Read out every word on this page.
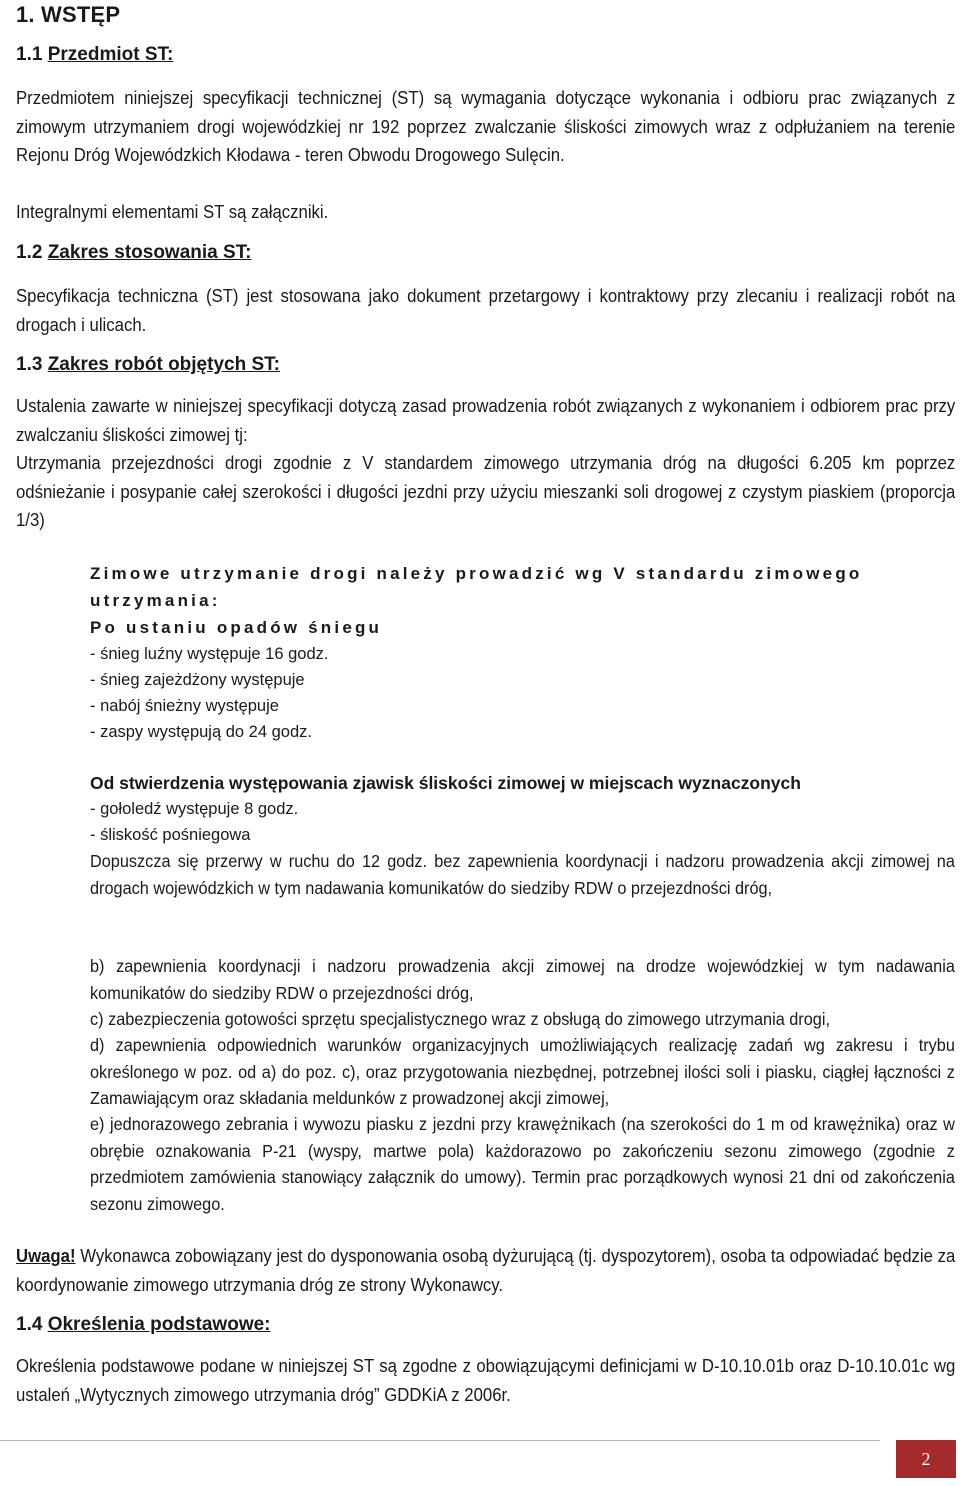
1. WSTĘP
1.1 Przedmiot ST:
Przedmiotem niniejszej specyfikacji technicznej (ST) są wymagania dotyczące wykonania i odbioru prac związanych z zimowym utrzymaniem drogi wojewódzkiej nr 192 poprzez zwalczanie śliskości zimowych wraz z odpłużaniem na terenie Rejonu Dróg Wojewódzkich Kłodawa - teren Obwodu Drogowego Sulęcin.
Integralnymi elementami ST są załączniki.
1.2 Zakres stosowania ST:
Specyfikacja techniczna (ST) jest stosowana jako dokument przetargowy i kontraktowy przy zlecaniu i realizacji robót na drogach i ulicach.
1.3 Zakres robót objętych ST:
Ustalenia zawarte w niniejszej specyfikacji dotyczą zasad prowadzenia robót związanych z wykonaniem i odbiorem prac przy zwalczaniu śliskości zimowej tj:
Utrzymania przejezdności drogi zgodnie z V standardem zimowego utrzymania dróg na długości 6.205 km poprzez odśnieżanie i posypanie całej szerokości i długości jezdni przy użyciu mieszanki soli drogowej z czystym piaskiem (proporcja 1/3)
Zimowe utrzymanie drogi należy prowadzić wg V standardu zimowego
utrzymania:
Po ustaniu opadów śniegu
- śnieg luźny występuje 16 godz.
- śnieg zajeżdżony występuje
- nabój śnieżny występuje
- zaspy występują do 24 godz.
Od stwierdzenia występowania zjawisk śliskości zimowej w miejscach wyznaczonych
- gołoledź występuje 8 godz.
- śliskość pośniegowa
Dopuszcza się przerwy w ruchu do 12 godz. bez zapewnienia koordynacji i nadzoru prowadzenia akcji zimowej na drogach wojewódzkich w tym nadawania komunikatów do siedziby RDW o przejezdności dróg,
b) zapewnienia koordynacji i nadzoru prowadzenia akcji zimowej na drodze wojewódzkiej w tym nadawania komunikatów do siedziby RDW o przejezdności dróg,
c) zabezpieczenia gotowości sprzętu specjalistycznego wraz z obsługą do zimowego utrzymania drogi,
d) zapewnienia odpowiednich warunków organizacyjnych umożliwiających realizację zadań wg zakresu i trybu określonego w poz. od a) do poz. c), oraz przygotowania niezbędnej, potrzebnej ilości soli i piasku, ciągłej łączności z Zamawiającym oraz składania meldunków z prowadzonej akcji zimowej,
e) jednorazowego zebrania i wywozu piasku z jezdni przy krawężnikach (na szerokości do 1 m od krawężnika) oraz w obrębie oznakowania P-21 (wyspy, martwe pola) każdorazowo po zakończeniu sezonu zimowego (zgodnie z przedmiotem zamówienia stanowiący załącznik do umowy). Termin prac porządkowych wynosi 21 dni od zakończenia sezonu zimowego.
Uwaga! Wykonawca zobowiązany jest do dysponowania osobą dyżurującą (tj. dyspozytorem), osoba ta odpowiadać będzie za koordynowanie zimowego utrzymania dróg ze strony Wykonawcy.
1.4 Określenia podstawowe:
Określenia podstawowe podane w niniejszej ST są zgodne z obowiązującymi definicjami w D-10.10.01b oraz D-10.10.01c wg ustaleń „Wytycznych zimowego utrzymania dróg” GDDKiA z 2006r.
2
